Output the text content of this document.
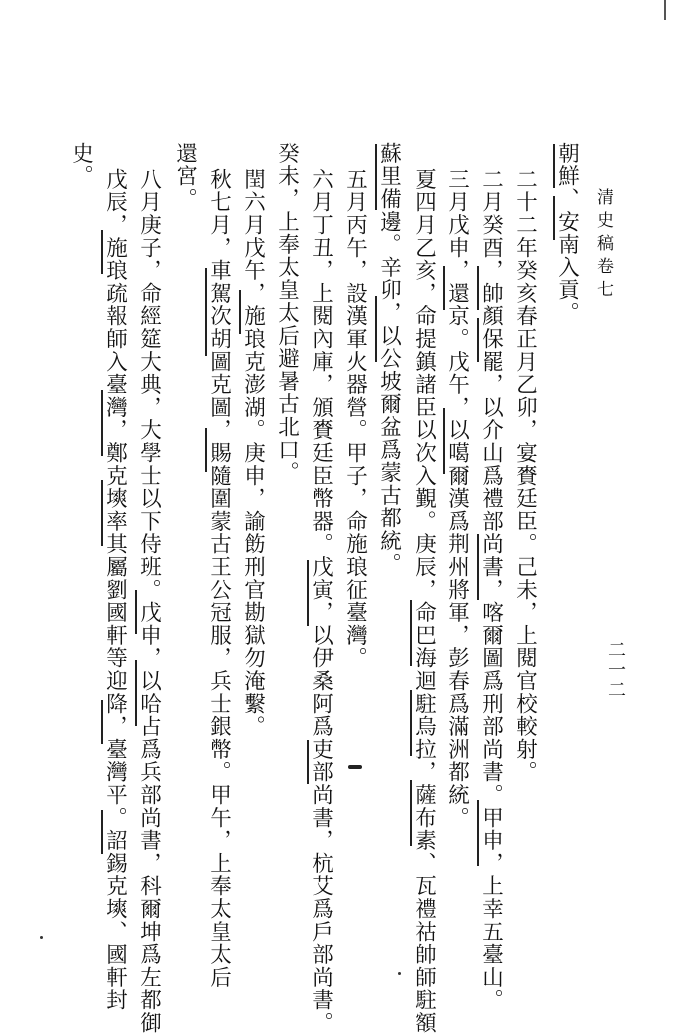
清史稿卷七
二一二
朝鮮、安南入貢。
二十二年癸亥春正月乙卯，宴賚廷臣。己未，上閱官校較射。
二月癸酉，帥顏保罷，以介山爲禮部尚書，喀爾圖爲刑部尚書。甲申，上幸五臺山。
三月戊申，還京。戊午，以噶爾漢爲荆州將軍，彭春爲滿洲都統。
夏四月乙亥，命提鎮諸臣以次入覲。庚辰，命巴海迴駐烏拉，薩布素、瓦禮祜帥師駐額
蘇里備邊。辛卯，以公坡爾盆爲蒙古都統。
五月丙午，設漢軍火器營。甲子，命施琅征臺灣。
六月丁丑，上閱內庫，頒賚廷臣幣器。戊寅，以伊桑阿爲吏部尚書，杭艾爲戶部尚書。
癸未，上奉太皇太后避暑古北口。
閏六月戊午，施琅克澎湖。庚申，諭飭刑官勘獄勿淹繫。
秋七月，車駕次胡圖克圖，賜隨圍蒙古王公冠服，兵士銀幣。甲午，上奉太皇太后
還宮。
八月庚子，命經筵大典，大學士以下侍班。戊申，以哈占爲兵部尚書，科爾坤爲左都御
戊辰，施琅疏報師入臺灣，鄭克塽率其屬劉國軒等迎降，臺灣平。詔錫克塽、國軒封
史。
